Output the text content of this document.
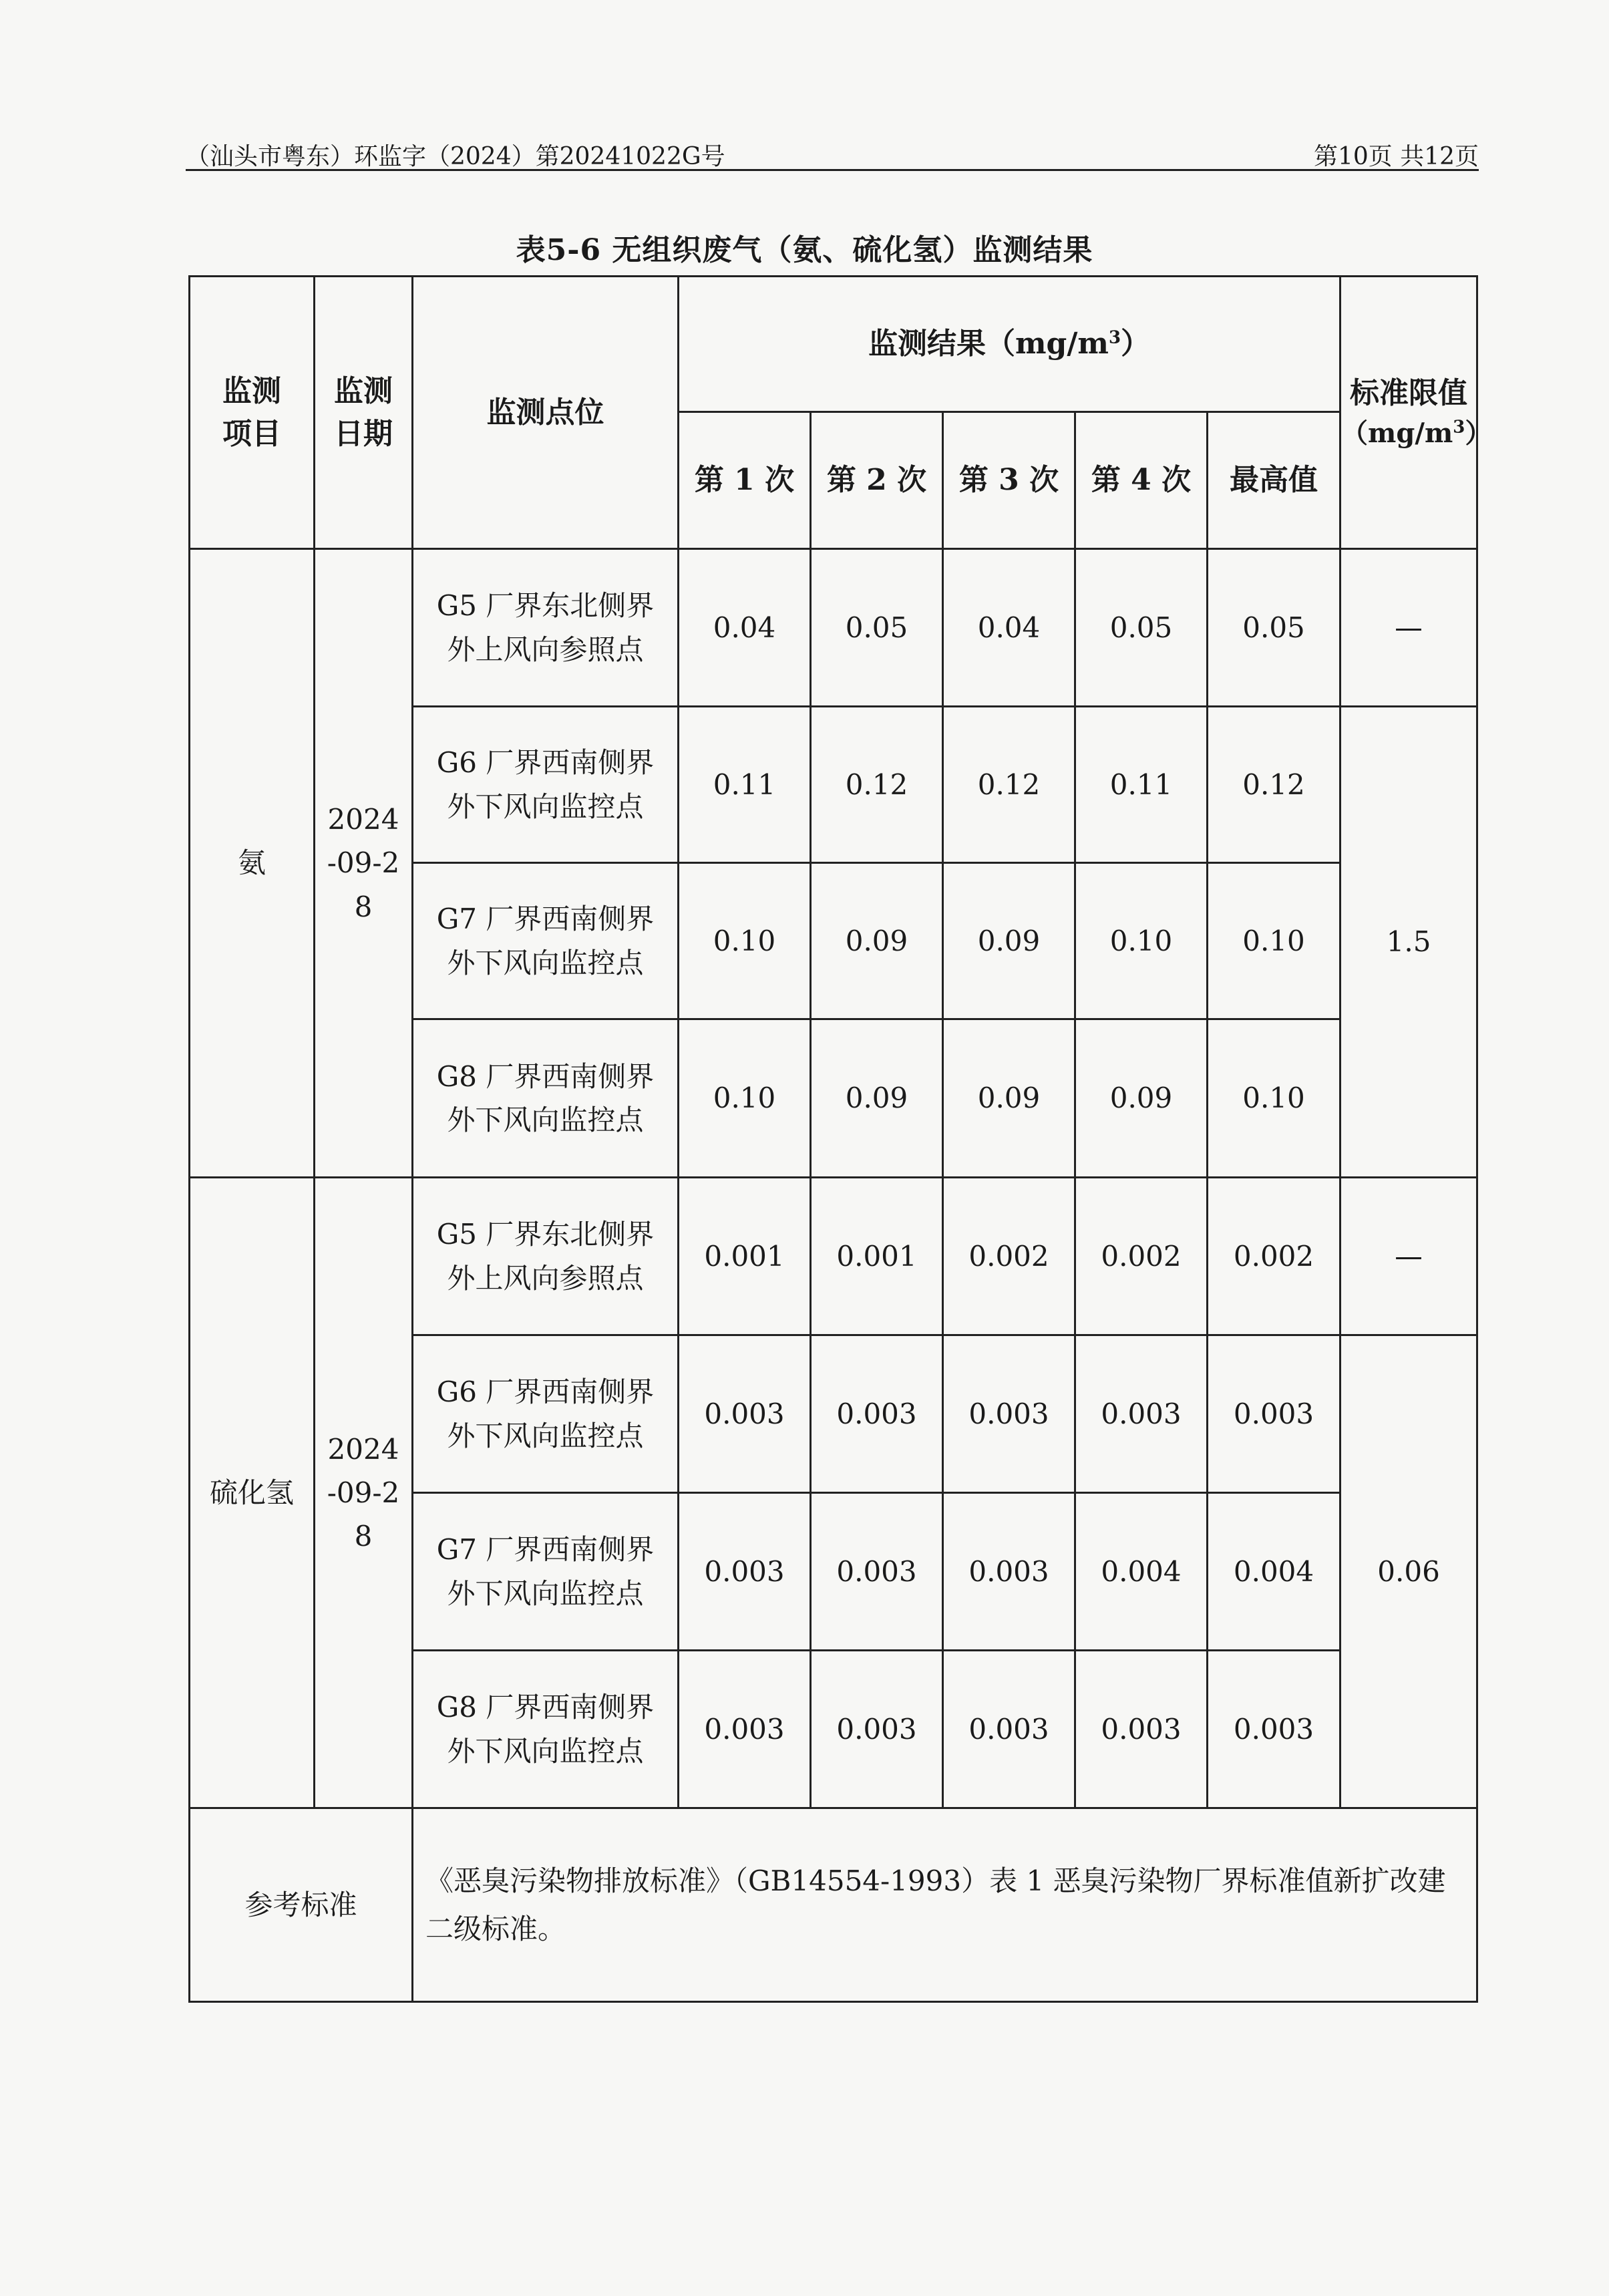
（汕头市粤东）环监字（2024）第20241022G号	第10页 共12页
表5-6 无组织废气（氨、硫化氢）监测结果
监测项目	监测日期	监测点位	监测结果$(mg/m^3)$					标准限值
$(mg/m^3)$

			第 1 次	第 2 次	第 3 次	第 4 次	最高值	
氨	2024-09-28	G5 厂界东北侧界外上风向参照点	0.04	0.05	0.04	0.05	0.05	—
		G6 厂界西南侧界外下风向监控点	0.11	0.12	0.12	0.11	0.12	1.5
		G7 厂界西南侧界外下风向监控点	0.10	0.09	0.09	0.10	0.10	
		G8 厂界西南侧界外下风向监控点	0.10	0.09	0.09	0.09	0.10	
硫化氢	2024-09-28	G5 厂界东北侧界外上风向参照点	0.001	0.001	0.002	0.002	0.002	—
		G6 厂界西南侧界外下风向监控点	0.003	0.003	0.003	0.003	0.003	0.06
		G7 厂界西南侧界外下风向监控点	0.003	0.003	0.003	0.004	0.004	
		G8 厂界西南侧界外下风向监控点	0.003	0.003	0.003	0.003	0.003	
参考标准		《恶臭污染物排放标准》（GB14554-1993）表 1 恶臭污染物厂界标准值新扩改建二级标准。						
